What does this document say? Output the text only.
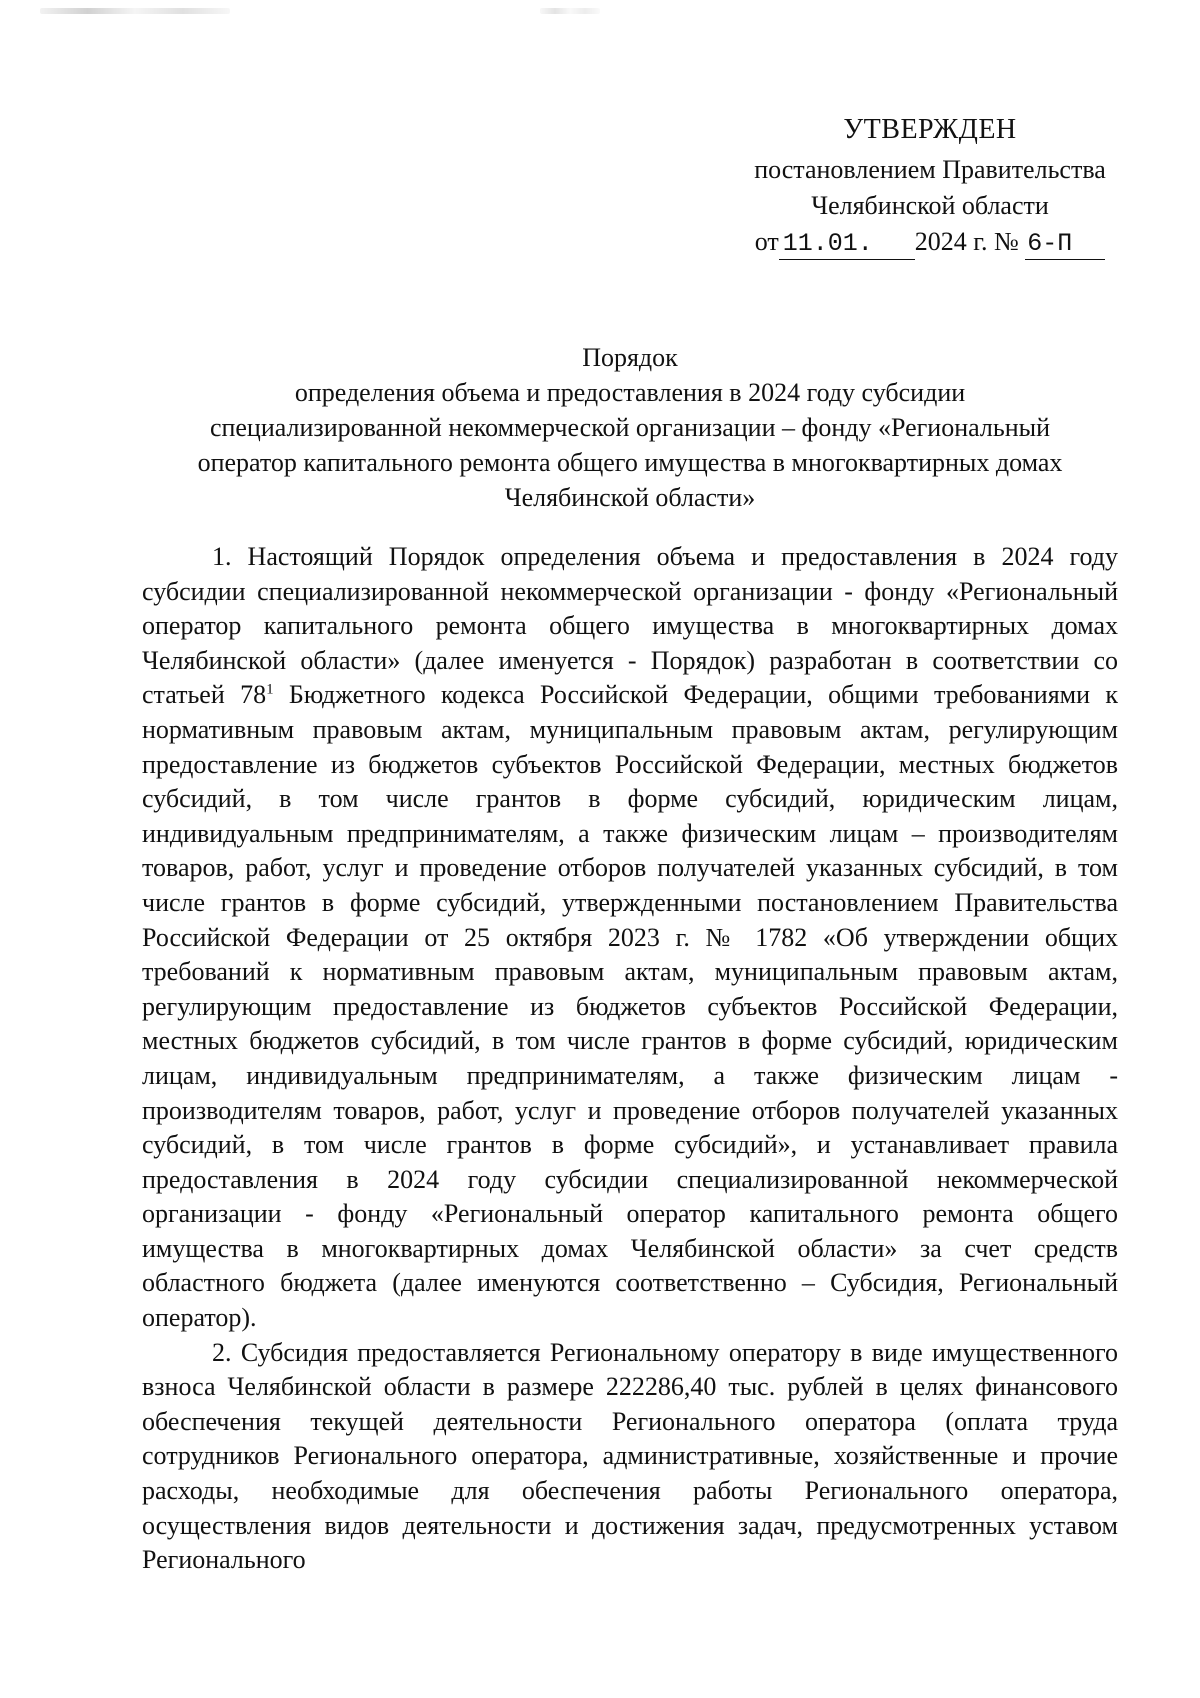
УТВЕРЖДЕН
постановлением Правительства
Челябинской области
от 11.01. 2024 г. № 6-П

Порядок

определения объема и предоставления в 2024 году субсидии

специализированной некоммерческой организации – фонду «Региональный

оператор капитального ремонта общего имущества в многоквартирных домах

Челябинской области»

1. Настоящий Порядок определения объема и предоставления в 2024 году субсидии специализированной некоммерческой организации - фонду «Региональный оператор капитального ремонта общего имущества в многоквартирных домах Челябинской области» (далее именуется - Порядок) разработан в соответствии со статьей $78^1$ Бюджетного кодекса Российской Федерации, общими требованиями к нормативным правовым актам, муниципальным правовым актам, регулирующим предоставление из бюджетов субъектов Российской Федерации, местных бюджетов субсидий, в том числе грантов в форме субсидий, юридическим лицам, индивидуальным предпринимателям, а также физическим лицам – производителям товаров, работ, услуг и проведение отборов получателей указанных субсидий, в том числе грантов в форме субсидий, утвержденными постановлением Правительства Российской Федерации от 25 октября 2023 г. № 1782 «Об утверждении общих требований к нормативным правовым актам, муниципальным правовым актам, регулирующим предоставление из бюджетов субъектов Российской Федерации, местных бюджетов субсидий, в том числе грантов в форме субсидий, юридическим лицам, индивидуальным предпринимателям, а также физическим лицам - производителям товаров, работ, услуг и проведение отборов получателей указанных субсидий, в том числе грантов в форме субсидий», и устанавливает правила предоставления в 2024 году субсидии специализированной некоммерческой организации - фонду «Региональный оператор капитального ремонта общего имущества в многоквартирных домах Челябинской области» за счет средств областного бюджета (далее именуются соответственно – Субсидия, Региональный оператор).

2. Субсидия предоставляется Региональному оператору в виде имущественного взноса Челябинской области в размере 222286,40 тыс. рублей в целях финансового обеспечения текущей деятельности Регионального оператора (оплата труда сотрудников Регионального оператора, административные, хозяйственные и прочие расходы, необходимые для обеспечения работы Регионального оператора, осуществления видов деятельности и достижения задач, предусмотренных уставом Регионального
